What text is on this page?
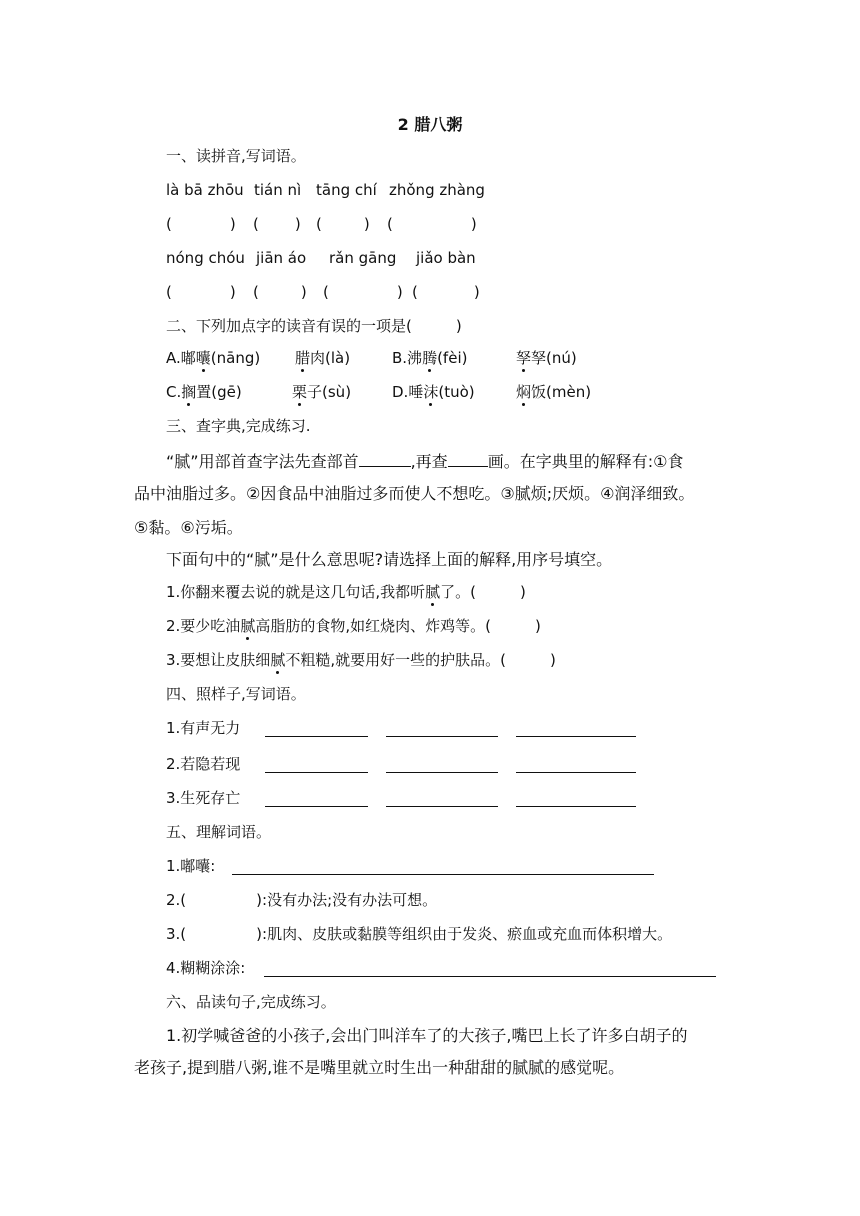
2 腊八粥
一、读拼音,写词语。
là bā zhōu tián nì tāng chí zhǒng zhàng
(	) ( ) (	) (	)
nóng chóu jiān áo rǎn gāng jiǎo bàn
(	) (	) (	) (	)
二、下列加点字的读音有误的一项是(	)
A.嘟囔(nāng) 腊肉(là)	B.沸腾(fèi)	孥孥(nú)
C.搁置(gē)	栗子(sù)	D.唾沫(tuò)	焖饭(mèn)
三、查字典,完成练习.
“腻”用部首查字法先查部首	,再查	画。在字典里的解释有:①食
品中油脂过多。②因食品中油脂过多而使人不想吃。③腻烦;厌烦。④润泽细致。
⑤黏。⑥污垢。
下面句中的“腻”是什么意思呢?请选择上面的解释,用序号填空。
1.你翻来覆去说的就是这几句话,我都听腻了。(	)
2.要少吃油腻高脂肪的食物,如红烧肉、炸鸡等。(	)
3.要想让皮肤细腻不粗糙,就要用好一些的护肤品。(	)
四、照样子,写词语。
1.有声无力
2.若隐若现
3.生死存亡
五、理解词语。
1.嘟囔:
2.(	):没有办法;没有办法可想。
3.(	):肌肉、皮肤或黏膜等组织由于发炎、瘀血或充血而体积增大。
4.糊糊涂涂:
六、品读句子,完成练习。
1.初学喊爸爸的小孩子,会出门叫洋车了的大孩子,嘴巴上长了许多白胡子的
老孩子,提到腊八粥,谁不是嘴里就立时生出一种甜甜的腻腻的感觉呢。
